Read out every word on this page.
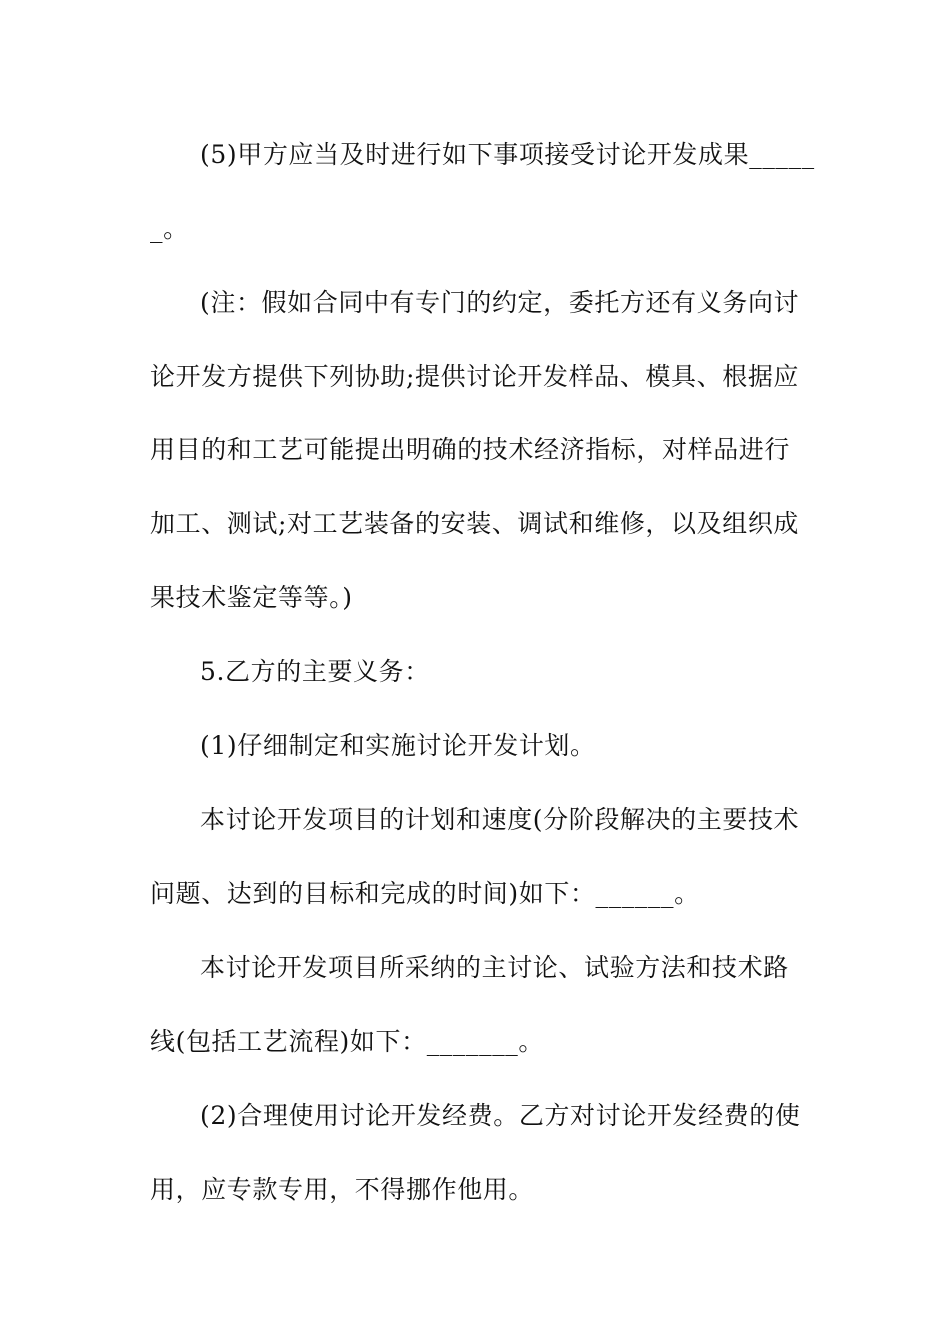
(5)甲方应当及时进行如下事项接受讨论开发成果_____
_。
(注：假如合同中有专门的约定，委托方还有义务向讨
论开发方提供下列协助;提供讨论开发样品、模具、根据应
用目的和工艺可能提出明确的技术经济指标，对样品进行
加工、测试;对工艺装备的安装、调试和维修，以及组织成
果技术鉴定等等。)
5.乙方的主要义务：
(1)仔细制定和实施讨论开发计划。
本讨论开发项目的计划和速度(分阶段解决的主要技术
问题、达到的目标和完成的时间)如下：______。
本讨论开发项目所采纳的主讨论、试验方法和技术路
线(包括工艺流程)如下：_______。
(2)合理使用讨论开发经费。乙方对讨论开发经费的使
用，应专款专用，不得挪作他用。
